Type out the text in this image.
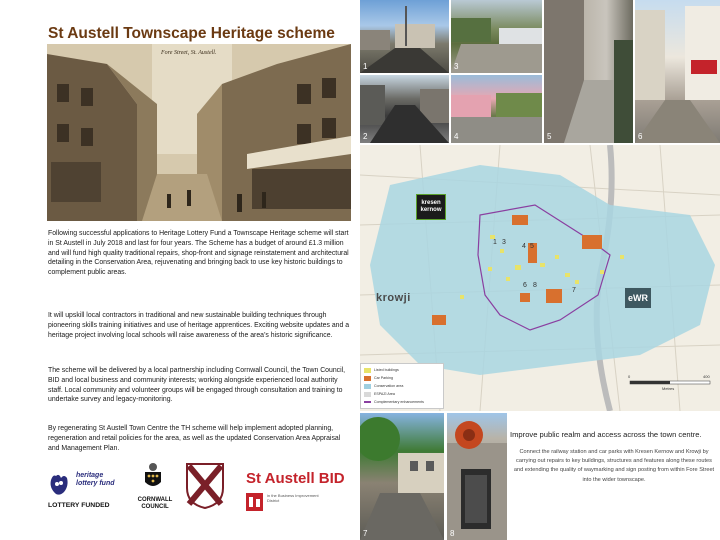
St Austell Townscape Heritage scheme
Fore Street, St. Austell.

Following successful applications to Heritage Lottery Fund a Townscape Heritage scheme will start in St Austell in July 2018 and last for four years. The Scheme has a budget of around £1.3 million and will fund high quality traditional repairs, shop-front and signage reinstatement and architectural detailing in the Conservation Area, rejuvenating and bringing back to use key historic buildings to complement public areas.

It will upskill local contractors in traditional and new sustainable building techniques through pioneering skills training initiatives and use of heritage apprentices. Exciting website updates and a heritage project involving local schools will raise awareness of the area’s historic significance.

The scheme will be delivered by a local partnership including Cornwall Council, the Town Council, BID and local business and community interests; working alongside experienced local authority staff. Local community and volunteer groups will be engaged through consultation and training to undertake survey and legacy-monitoring.

By regenerating St Austell Town Centre the TH scheme will help implement adopted planning, regeneration and retail policies for the area, as well as the updated Conservation Area Appraisal and Management Plan.

heritage lottery fund
LOTTERY FUNDED
CORNWALL COUNCIL
St Austell BID
in the Business Improvement District
1	3
5	6
2	4
kresen kernow
krowji	eWR
1 3
4 5
6 8
7
Listed buildings
Car Parking
Conservation area
ESPAZI Area
Complementary enhancements
0	400
Metres
7	8
Improve public realm and access across the town centre.
Connect the railway station and car parks with Kresen Kernow and Krowji by carrying out repairs to key buildings, structures and features along these routes and extending the quality of waymarking and sign posting from within Fore Street into the wider townscape.
